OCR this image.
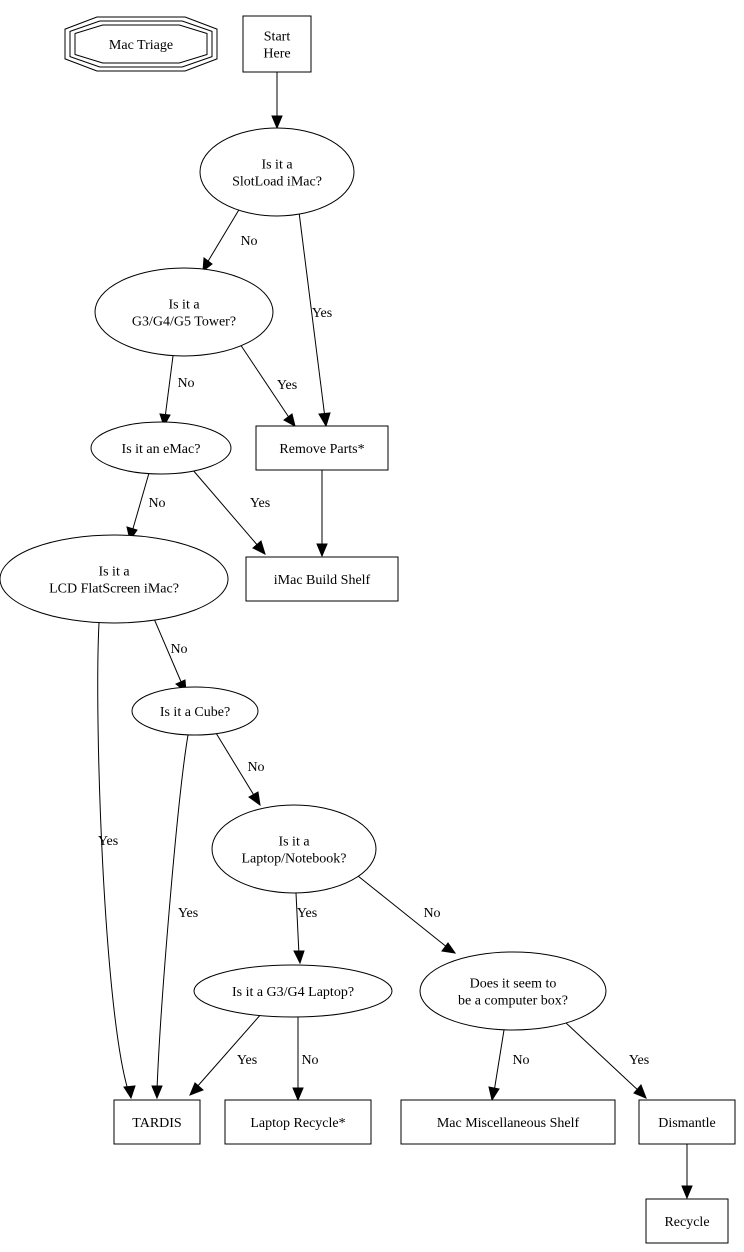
Mac Triage
Start
Here
Is it a
SlotLoad iMac?
Is it a
G3/G4/G5 Tower?
Is it an eMac?	Remove Parts*
Is it a
LCD FlatScreen iMac?
iMac Build Shelf
Is it a Cube?
Is it a
Laptop/Notebook?
Is it a G3/G4 Laptop?
Does it seem to
be a computer box?
TARDIS	Laptop Recycle*	Mac Miscellaneous Shelf	Dismantle
Recycle
No
Yes
No	Yes
Yes
No
No
Yes
No
Yes	Yes	No
Yes	No	No	Yes
